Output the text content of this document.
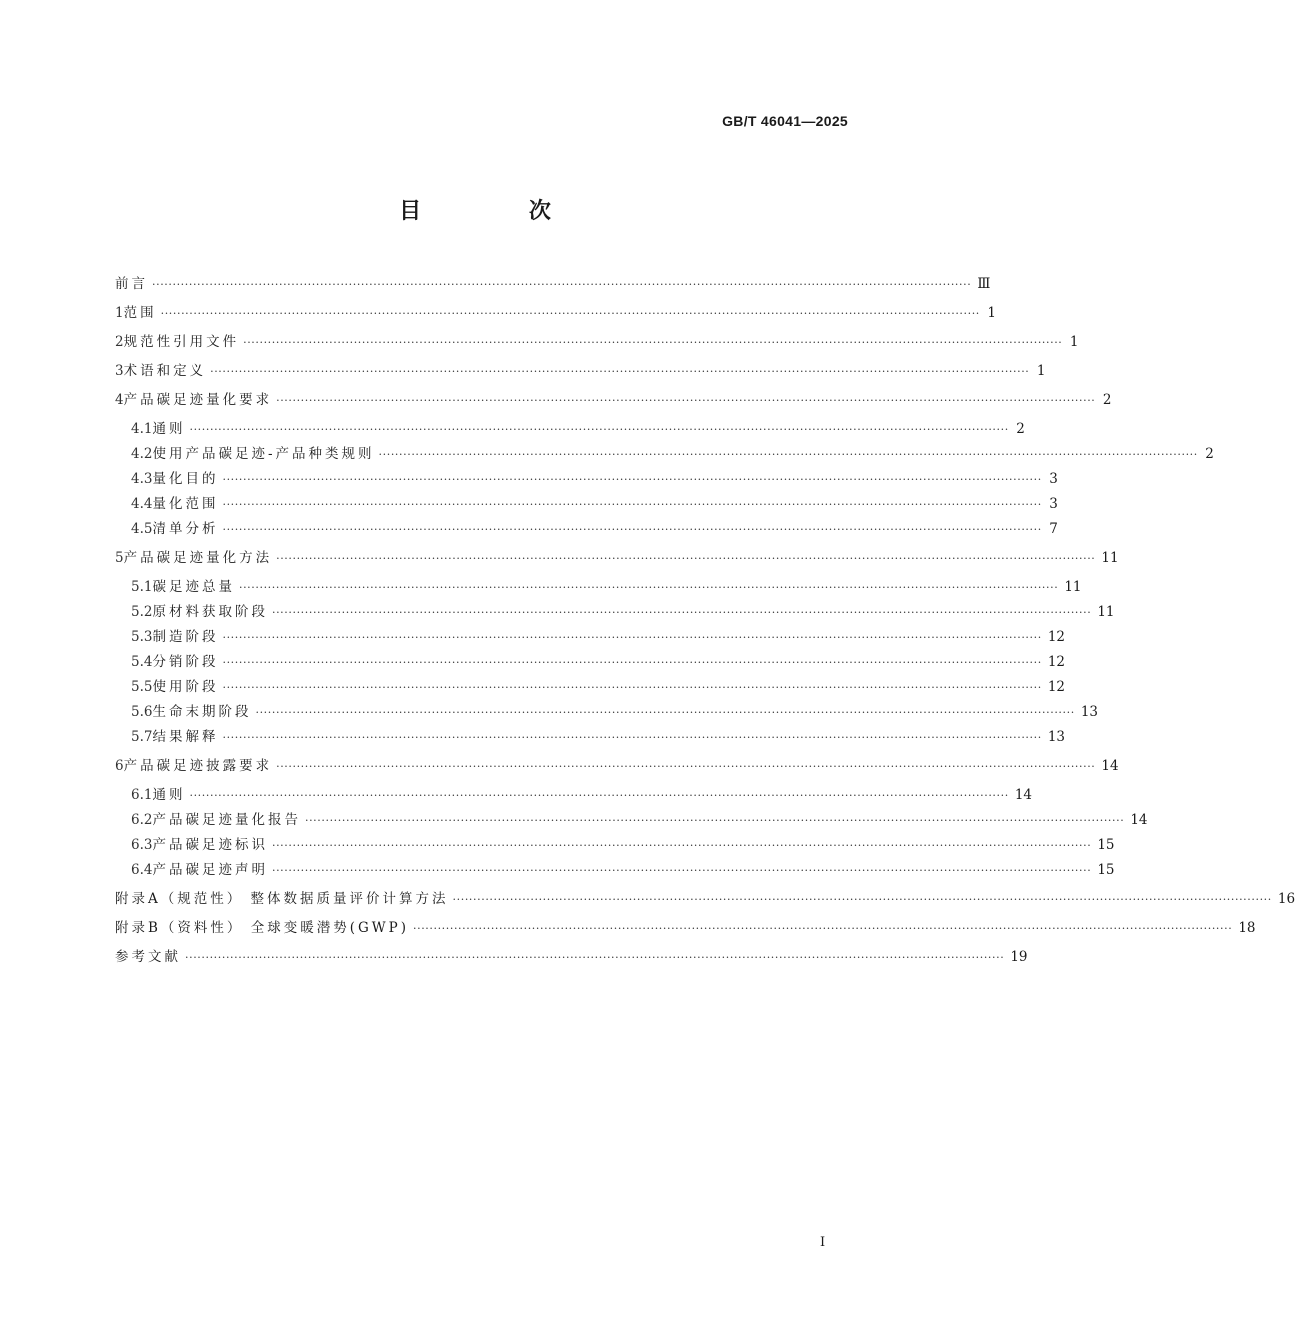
GB/T 46041—2025
目 次
前言 ········································································································································································································ Ⅲ
1 范围 ········································································································································································································ 1
2 规范性引用文件 ········································································································································································································ 1
3 术语和定义 ········································································································································································································ 1
4 产品碳足迹量化要求 ········································································································································································································ 2
4.1 通则 ········································································································································································································ 2
4.2 使用产品碳足迹-产品种类规则 ········································································································································································································ 2
4.3 量化目的 ········································································································································································································ 3
4.4 量化范围 ········································································································································································································ 3
4.5 清单分析 ········································································································································································································ 7
5 产品碳足迹量化方法 ········································································································································································································ 11
5.1 碳足迹总量 ········································································································································································································ 11
5.2 原材料获取阶段 ········································································································································································································ 11
5.3 制造阶段 ········································································································································································································ 12
5.4 分销阶段 ········································································································································································································ 12
5.5 使用阶段 ········································································································································································································ 12
5.6 生命末期阶段 ········································································································································································································ 13
5.7 结果解释 ········································································································································································································ 13
6 产品碳足迹披露要求 ········································································································································································································ 14
6.1 通则 ········································································································································································································ 14
6.2 产品碳足迹量化报告 ········································································································································································································ 14
6.3 产品碳足迹标识 ········································································································································································································ 15
6.4 产品碳足迹声明 ········································································································································································································ 15
附录A（规范性） 整体数据质量评价计算方法 ········································································································································································································ 16
附录B（资料性） 全球变暖潜势(GWP) ········································································································································································································ 18
参考文献 ········································································································································································································ 19
I
